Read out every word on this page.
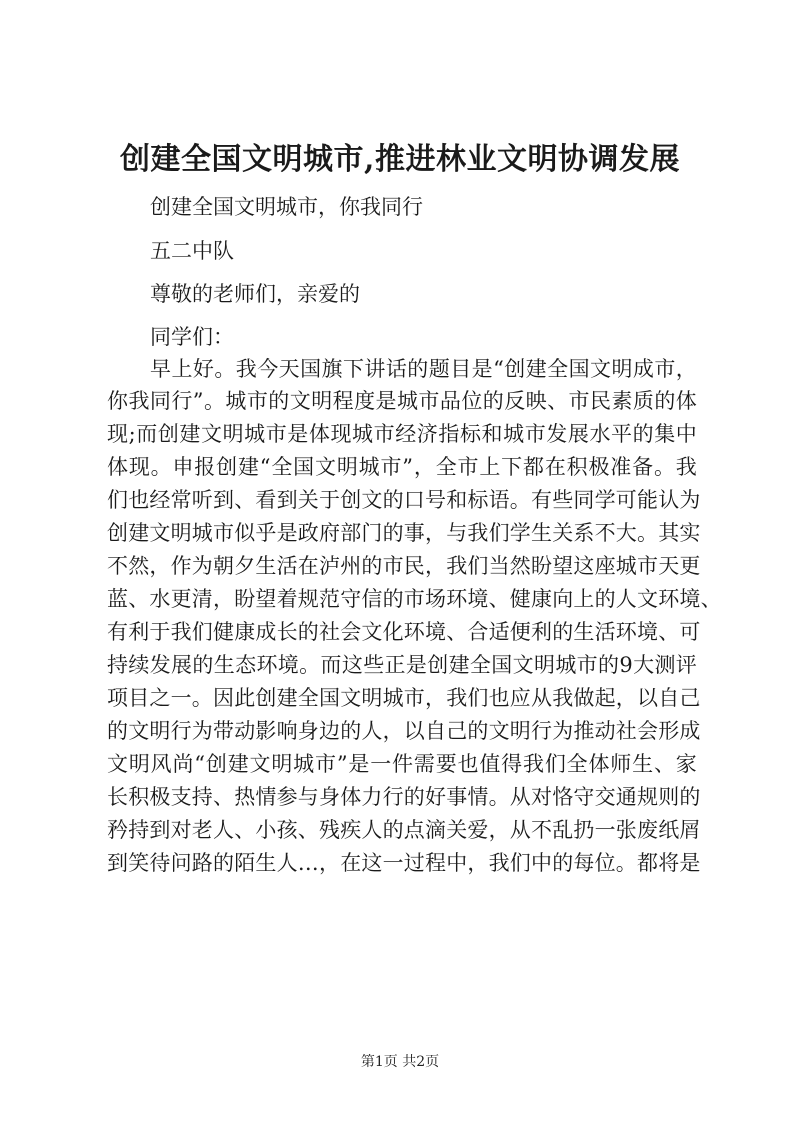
创建全国文明城市,推进林业文明协调发展
创建全国文明城市，你我同行
五二中队
尊敬的老师们，亲爱的
同学们：
早上好。我今天国旗下讲话的题目是“创建全国文明成市，
你我同行”。城市的文明程度是城市品位的反映、市民素质的体
现;而创建文明城市是体现城市经济指标和城市发展水平的集中
体现。申报创建“全国文明城市”，全市上下都在积极准备。我
们也经常听到、看到关于创文的口号和标语。有些同学可能认为
创建文明城市似乎是政府部门的事，与我们学生关系不大。其实
不然，作为朝夕生活在泸州的市民，我们当然盼望这座城市天更
蓝、水更清，盼望着规范守信的市场环境、健康向上的人文环境、
有利于我们健康成长的社会文化环境、合适便利的生活环境、可
持续发展的生态环境。而这些正是创建全国文明城市的9大测评
项目之一。因此创建全国文明城市，我们也应从我做起，以自己
的文明行为带动影响身边的人，以自己的文明行为推动社会形成
文明风尚“创建文明城市”是一件需要也值得我们全体师生、家
长积极支持、热情参与身体力行的好事情。从对恪守交通规则的
矜持到对老人、小孩、残疾人的点滴关爱，从不乱扔一张废纸屑
到笑待问路的陌生人…，在这一过程中，我们中的每位。都将是
第1页 共2页
